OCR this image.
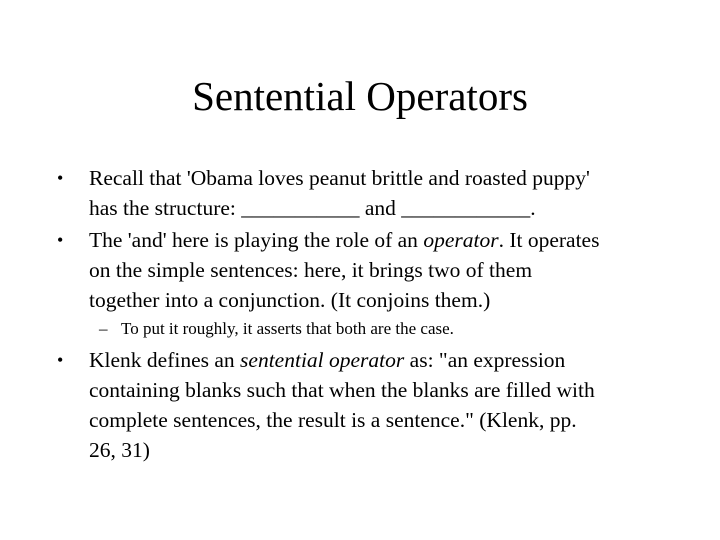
Sentential Operators
• Recall that 'Obama loves peanut brittle and roasted puppy'
has the structure: ___________ and ____________.
• The 'and' here is playing the role of an operator. It operates
on the simple sentences: here, it brings two of them
together into a conjunction. (It conjoins them.)
– To put it roughly, it asserts that both are the case.
• Klenk defines an sentential operator as: "an expression
containing blanks such that when the blanks are filled with
complete sentences, the result is a sentence." (Klenk, pp.
26, 31)
